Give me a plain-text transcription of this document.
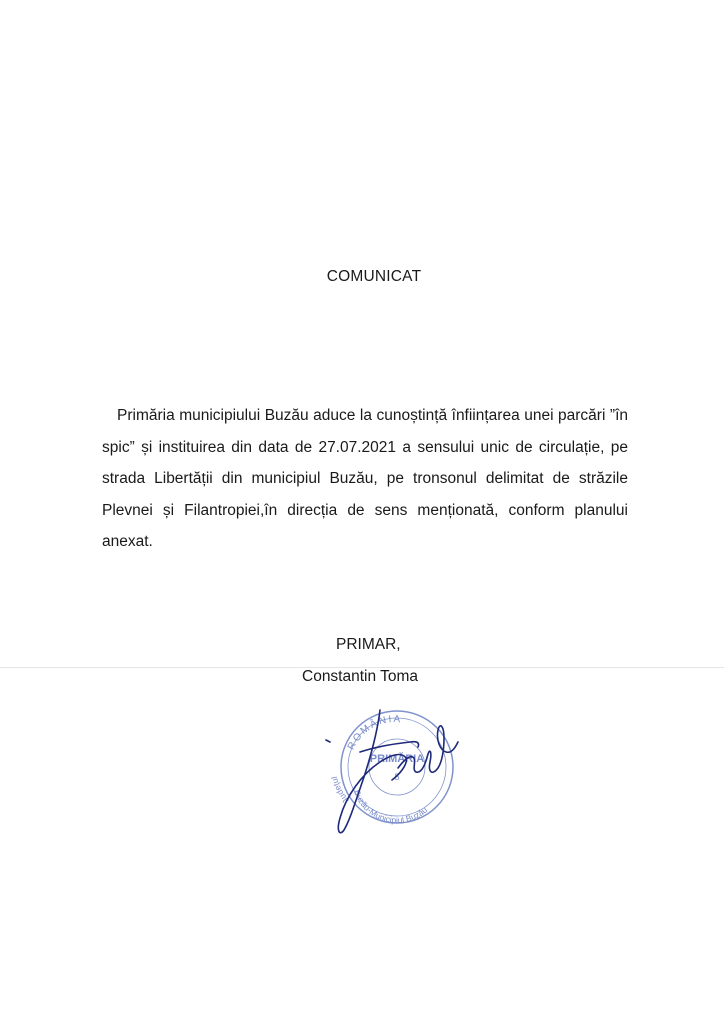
COMUNICAT

Primăria municipiului Buzău aduce la cunoștință înființarea unei parcări ”în spic” și instituirea din data de 27.07.2021 a sensului unic de circulație, pe strada Libertății din municipiul Buzău, pe tronsonul delimitat de străzile Plevnei și Filantropiei,în direcția de sens menționată, conform planului anexat.

PRIMAR,
Constantin Toma
ROMÂNIA
Buzău-Municipiul Buzău
Județul
PRIMĂRIA
5
